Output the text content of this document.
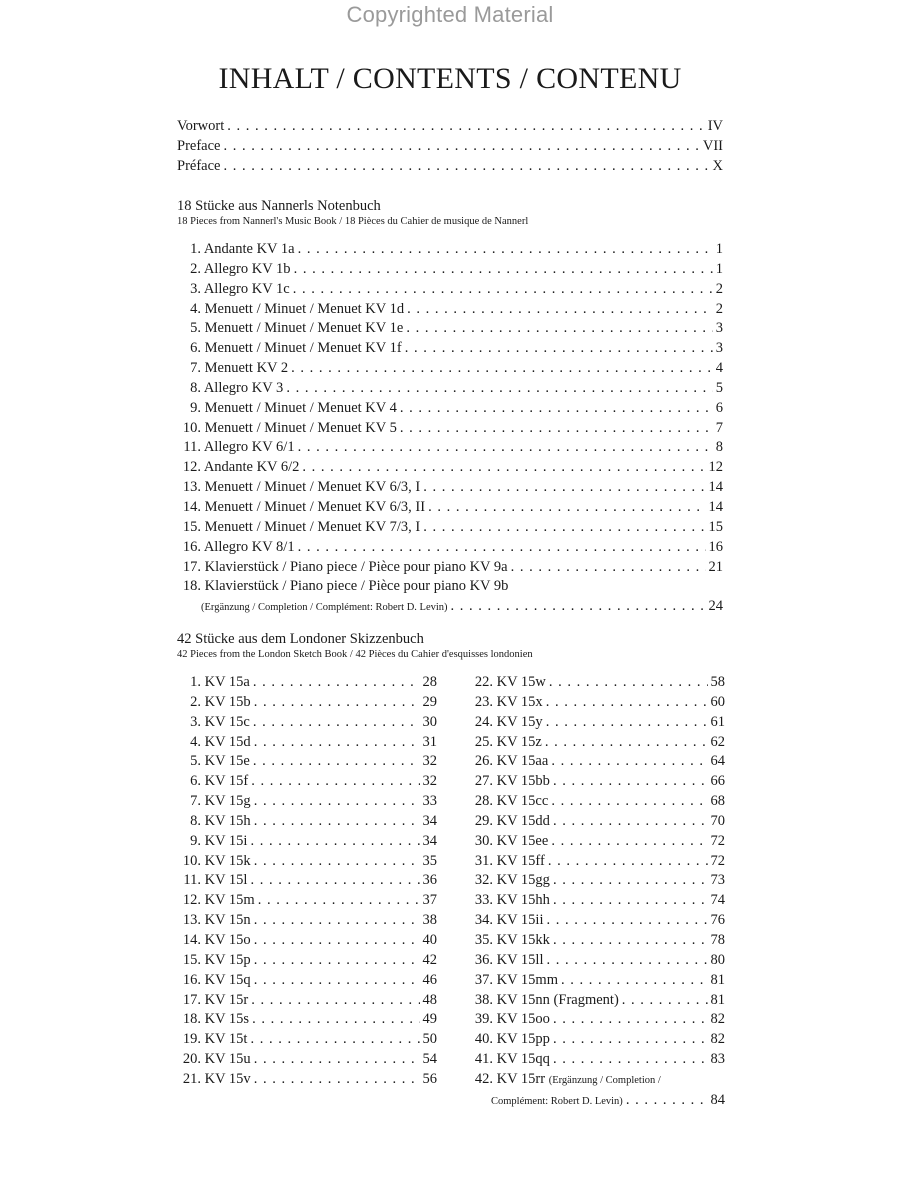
Copyrighted Material
INHALT / CONTENTS / CONTENU
Vorwort . . .	IV
Preface . . .	VII
Préface . . .	X
18 Stücke aus Nannerls Notenbuch
18 Pieces from Nannerl's Music Book / 18 Pièces du Cahier de musique de Nannerl
1. Andante KV 1a . . .	1
2. Allegro KV 1b . . .	1
3. Allegro KV 1c . . .	2
4. Menuett / Minuet / Menuet KV 1d . . .	2
5. Menuett / Minuet / Menuet KV 1e . . .	3
6. Menuett / Minuet / Menuet KV 1f . . .	3
7. Menuett KV 2 . . .	4
8. Allegro KV 3 . . .	5
9. Menuett / Minuet / Menuet KV 4 . . .	6
10. Menuett / Minuet / Menuet KV 5 . . .	7
11. Allegro KV 6/1 . . .	8
12. Andante KV 6/2 . . .	12
13. Menuett / Minuet / Menuet KV 6/3, I . . .	14
14. Menuett / Minuet / Menuet KV 6/3, II . . .	14
15. Menuett / Minuet / Menuet KV 7/3, I . . .	15
16. Allegro KV 8/1 . . .	16
17. Klavierstück / Piano piece / Pièce pour piano KV 9a . . .	21
18. Klavierstück / Piano piece / Pièce pour piano KV 9b
(Ergänzung / Completion / Complément: Robert D. Levin) . . .	24
42 Stücke aus dem Londoner Skizzenbuch
42 Pieces from the London Sketch Book / 42 Pièces du Cahier d'esquisses londonien
1. KV 15a . . .	28
2. KV 15b . . .	29
3. KV 15c . . .	30
4. KV 15d . . .	31
5. KV 15e . . .	32
6. KV 15f . . .	32
7. KV 15g . . .	33
8. KV 15h . . .	34
9. KV 15i . . .	34
10. KV 15k . . .	35
11. KV 15l . . .	36
12. KV 15m . . .	37
13. KV 15n . . .	38
14. KV 15o . . .	40
15. KV 15p . . .	42
16. KV 15q . . .	46
17. KV 15r . . .	48
18. KV 15s . . .	49
19. KV 15t . . .	50
20. KV 15u . . .	54
21. KV 15v . . .	56
22. KV 15w . . .	58
23. KV 15x . . .	60
24. KV 15y . . .	61
25. KV 15z . . .	62
26. KV 15aa . . .	64
27. KV 15bb . . .	66
28. KV 15cc . . .	68
29. KV 15dd . . .	70
30. KV 15ee . . .	72
31. KV 15ff . . .	72
32. KV 15gg . . .	73
33. KV 15hh . . .	74
34. KV 15ii . . .	76
35. KV 15kk . . .	78
36. KV 15ll . . .	80
37. KV 15mm . . .	81
38. KV 15nn (Fragment) . . .	81
39. KV 15oo . . .	82
40. KV 15pp . . .	82
41. KV 15qq . . .	83
42. KV 15rr (Ergänzung / Completion /
Complément: Robert D. Levin) . . .	84
